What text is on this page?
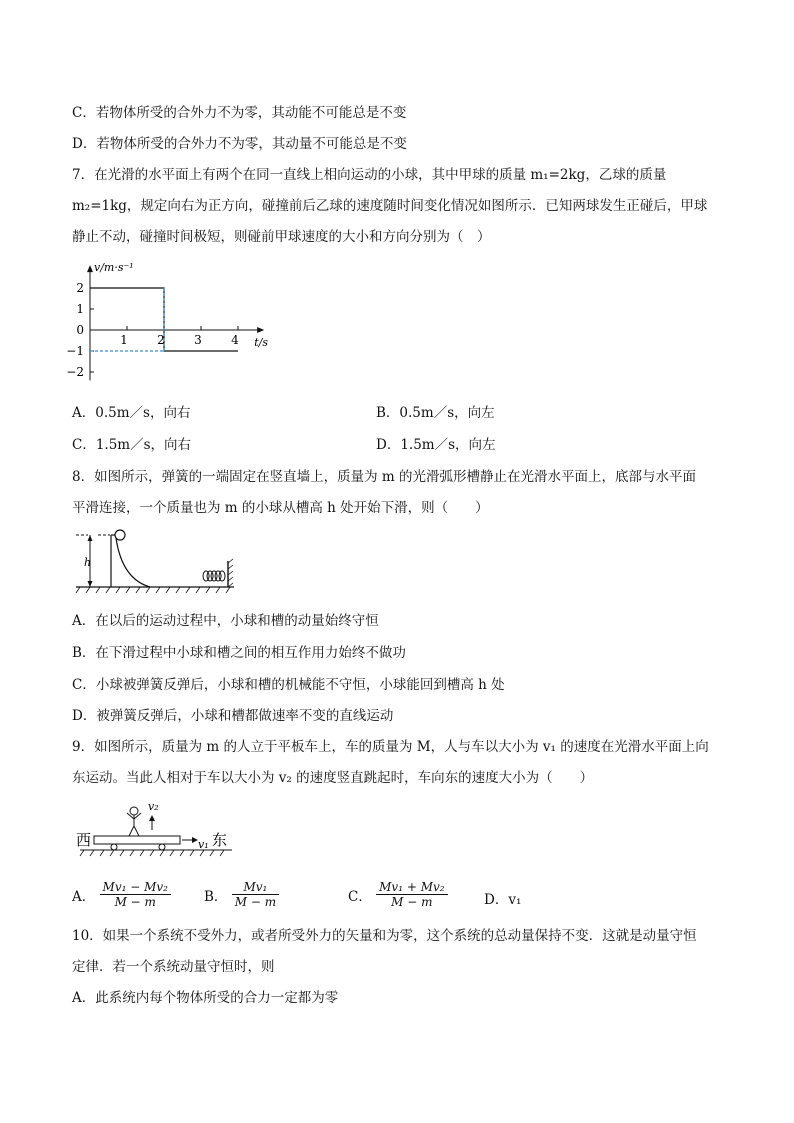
C．若物体所受的合外力不为零，其动能不可能总是不变
D．若物体所受的合外力不为零，其动量不可能总是不变
7．在光滑的水平面上有两个在同一直线上相向运动的小球，其中甲球的质量 m₁=2kg，乙球的质量
m₂=1kg，规定向右为正方向，碰撞前后乙球的速度随时间变化情况如图所示．已知两球发生正碰后，甲球
静止不动，碰撞时间极短，则碰前甲球速度的大小和方向分别为（　）
2
1
0
−1
−2
1 2 3 4
v/m·s⁻¹
t/s
A．0.5m／s，向右	B．0.5m／s，向左
C．1.5m／s，向右	D．1.5m／s，向左
8．如图所示，弹簧的一端固定在竖直墙上，质量为 m 的光滑弧形槽静止在光滑水平面上，底部与水平面
平滑连接，一个质量也为 m 的小球从槽高 h 处开始下滑，则（　　）
h
A．在以后的运动过程中，小球和槽的动量始终守恒
B．在下滑过程中小球和槽之间的相互作用力始终不做功
C．小球被弹簧反弹后，小球和槽的机械能不守恒，小球能回到槽高 h 处
D．被弹簧反弹后，小球和槽都做速率不变的直线运动
9．如图所示，质量为 m 的人立于平板车上，车的质量为 M，人与车以大小为 v₁ 的速度在光滑水平面上向
东运动。当此人相对于车以大小为 v₂ 的速度竖直跳起时，车向东的速度大小为（　　）
西	东
v₂
v₁
A． $\frac{\text{Mv₁ − Mv₂}}{M - m}$ B． $\frac{\text{Mv₁}}{M - m}$	C． $\frac{\text{Mv₁ + Mv₂}}{M - m}$	D．v₁
10．如果一个系统不受外力，或者所受外力的矢量和为零，这个系统的总动量保持不变．这就是动量守恒
定律．若一个系统动量守恒时，则
A．此系统内每个物体所受的合力一定都为零
